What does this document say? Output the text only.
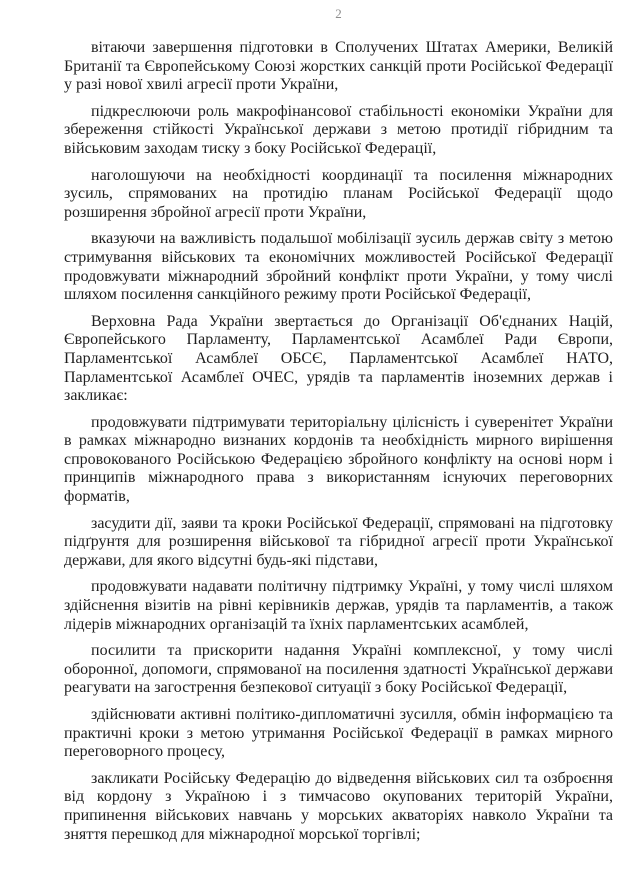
2

вітаючи завершення підготовки в Сполучених Штатах Америки, Великій Британії та Європейському Союзі жорстких санкцій проти Російської Федерації у разі нової хвилі агресії проти України,

підкреслюючи роль макрофінансової стабільності економіки України для збереження стійкості Української держави з метою протидії гібридним та військовим заходам тиску з боку Російської Федерації,

наголошуючи на необхідності координації та посилення міжнародних зусиль, спрямованих на протидію планам Російської Федерації щодо розширення збройної агресії проти України,

вказуючи на важливість подальшої мобілізації зусиль держав світу з метою стримування військових та економічних можливостей Російської Федерації продовжувати міжнародний збройний конфлікт проти України, у тому числі шляхом посилення санкційного режиму проти Російської Федерації,

Верховна Рада України звертається до Організації Об'єднаних Націй, Європейського Парламенту, Парламентської Асамблеї Ради Європи, Парламентської Асамблеї ОБСЄ, Парламентської Асамблеї НАТО, Парламентської Асамблеї ОЧЕС, урядів та парламентів іноземних держав і закликає:

продовжувати підтримувати територіальну цілісність і суверенітет України в рамках міжнародно визнаних кордонів та необхідність мирного вирішення спровокованого Російською Федерацією збройного конфлікту на основі норм і принципів міжнародного права з використанням існуючих переговорних форматів,

засудити дії, заяви та кроки Російської Федерації, спрямовані на підготовку підґрунтя для розширення військової та гібридної агресії проти Української держави, для якого відсутні будь-які підстави,

продовжувати надавати політичну підтримку Україні, у тому числі шляхом здійснення візитів на рівні керівників держав, урядів та парламентів, а також лідерів міжнародних організацій та їхніх парламентських асамблей,

посилити та прискорити надання Україні комплексної, у тому числі оборонної, допомоги, спрямованої на посилення здатності Української держави реагувати на загострення безпекової ситуації з боку Російської Федерації,

здійснювати активні політико-дипломатичні зусилля, обмін інформацією та практичні кроки з метою утримання Російської Федерації в рамках мирного переговорного процесу,

закликати Російську Федерацію до відведення військових сил та озброєння від кордону з Україною і з тимчасово окупованих територій України, припинення військових навчань у морських акваторіях навколо України та зняття перешкод для міжнародної морської торгівлі;
